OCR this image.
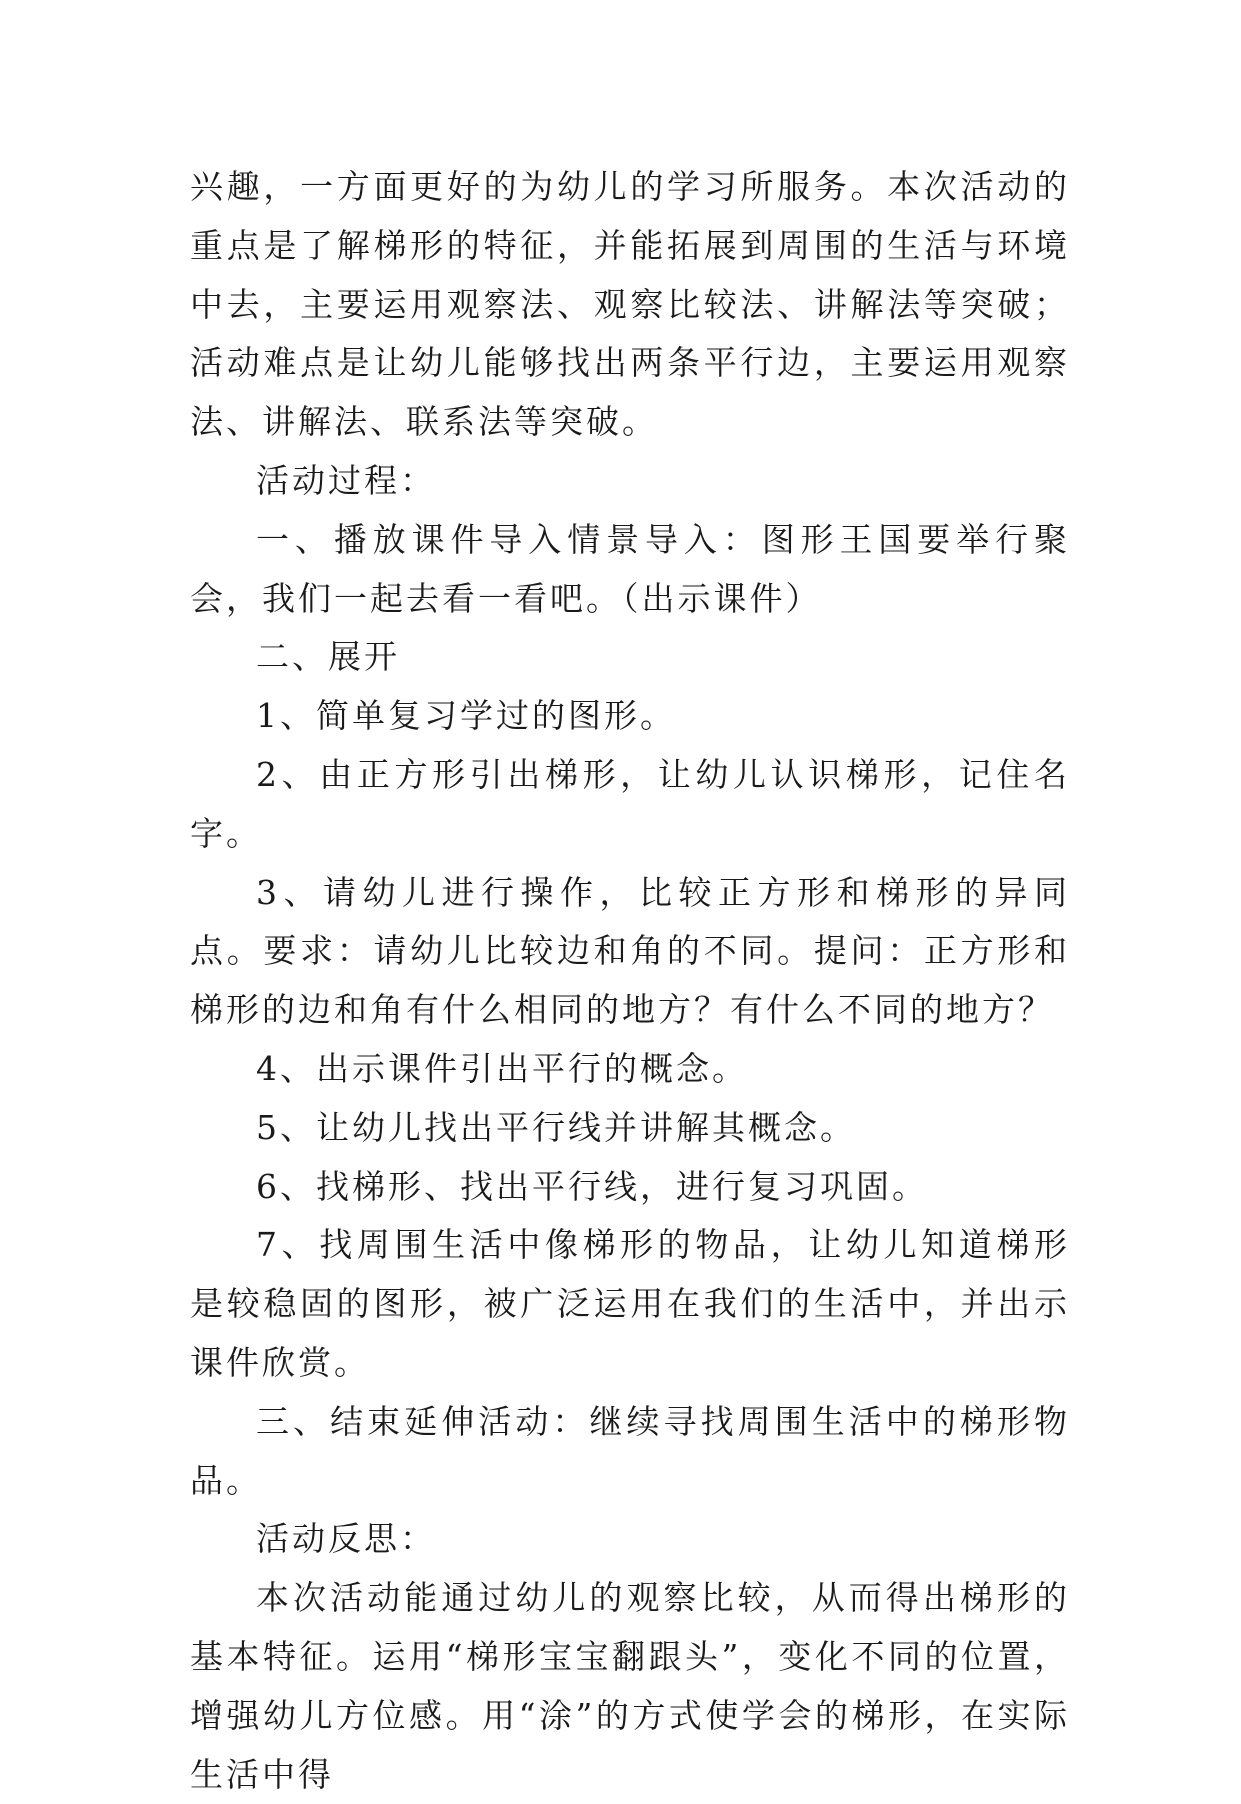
兴趣，一方面更好的为幼儿的学习所服务。本次活动的重点是了解梯形的特征，并能拓展到周围的生活与环境中去，主要运用观察法、观察比较法、讲解法等突破；活动难点是让幼儿能够找出两条平行边，主要运用观察法、讲解法、联系法等突破。

活动过程：

一、播放课件导入情景导入：图形王国要举行聚会，我们一起去看一看吧。（出示课件）

二、展开

1、简单复习学过的图形。

2、由正方形引出梯形，让幼儿认识梯形，记住名字。

3、请幼儿进行操作，比较正方形和梯形的异同点。要求：请幼儿比较边和角的不同。提问：正方形和梯形的边和角有什么相同的地方？有什么不同的地方？

4、出示课件引出平行的概念。

5、让幼儿找出平行线并讲解其概念。

6、找梯形、找出平行线，进行复习巩固。

7、找周围生活中像梯形的物品，让幼儿知道梯形是较稳固的图形，被广泛运用在我们的生活中，并出示课件欣赏。

三、结束延伸活动：继续寻找周围生活中的梯形物品。

活动反思：

本次活动能通过幼儿的观察比较，从而得出梯形的基本特征。运用“梯形宝宝翻跟头”，变化不同的位置，增强幼儿方位感。用“涂”的方式使学会的梯形，在实际生活中得
